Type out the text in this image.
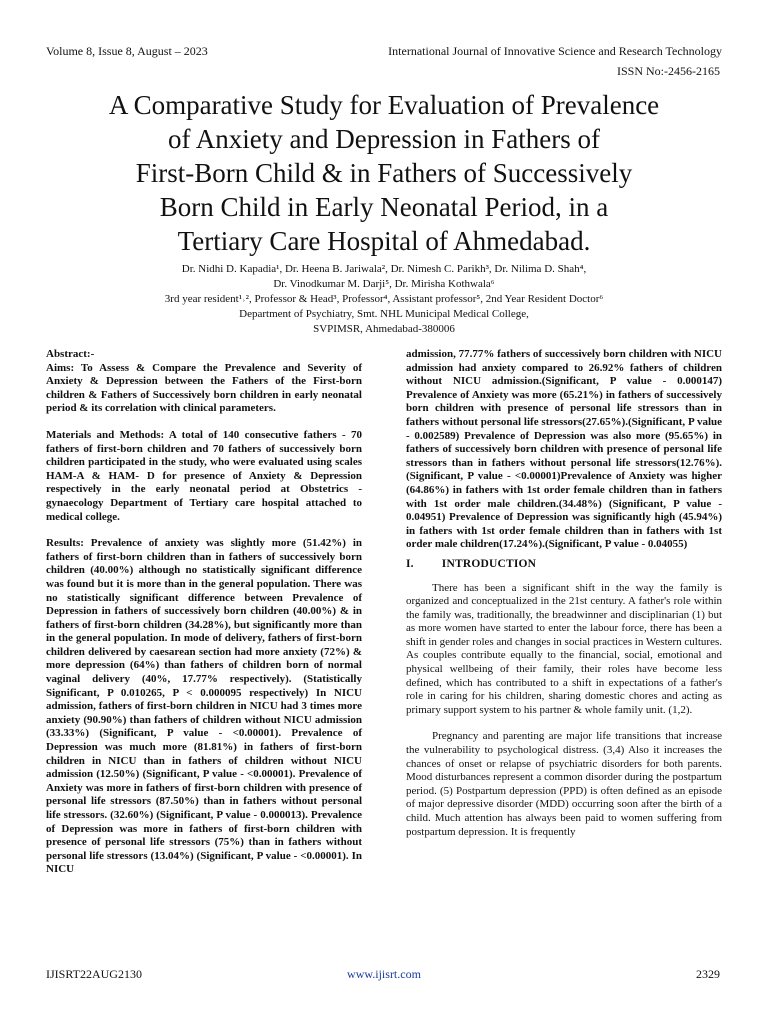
Volume 8, Issue 8, August – 2023	International Journal of Innovative Science and Research Technology
ISSN No:-2456-2165
A Comparative Study for Evaluation of Prevalence
of Anxiety and Depression in Fathers of
First-Born Child & in Fathers of Successively
Born Child in Early Neonatal Period, in a
Tertiary Care Hospital of Ahmedabad.
Dr. Nidhi D. Kapadia¹, Dr. Heena B. Jariwala², Dr. Nimesh C. Parikh³, Dr. Nilima D. Shah⁴,
Dr. Vinodkumar M. Darji⁵, Dr. Mirisha Kothwala⁶
3rd year resident¹˒², Professor & Head³, Professor⁴, Assistant professor⁵, 2nd Year Resident Doctor⁶
Department of Psychiatry, Smt. NHL Municipal Medical College,
SVPIMSR, Ahmedabad-380006

Abstract:-

Aims: To Assess & Compare the Prevalence and Severity of Anxiety & Depression between the Fathers of the First-born children & Fathers of Successively born children in early neonatal period & its correlation with clinical parameters.

Materials and Methods: A total of 140 consecutive fathers - 70 fathers of first-born children and 70 fathers of successively born children participated in the study, who were evaluated using scales HAM-A & HAM- D for presence of Anxiety & Depression respectively in the early neonatal period at Obstetrics - gynaecology Department of Tertiary care hospital attached to medical college.

Results: Prevalence of anxiety was slightly more (51.42%) in fathers of first-born children than in fathers of successively born children (40.00%) although no statistically significant difference was found but it is more than in the general population. There was no statistically significant difference between Prevalence of Depression in fathers of successively born children (40.00%) & in fathers of first-born children (34.28%), but significantly more than in the general population. In mode of delivery, fathers of first-born children delivered by caesarean section had more anxiety (72%) & more depression (64%) than fathers of children born of normal vaginal delivery (40%, 17.77% respectively). (Statistically Significant, P 0.010265, P < 0.000095 respectively) In NICU admission, fathers of first-born children in NICU had 3 times more anxiety (90.90%) than fathers of children without NICU admission (33.33%) (Significant, P value - <0.00001). Prevalence of Depression was much more (81.81%) in fathers of first-born children in NICU than in fathers of children without NICU admission (12.50%) (Significant, P value - <0.00001). Prevalence of Anxiety was more in fathers of first-born children with presence of personal life stressors (87.50%) than in fathers without personal life stressors. (32.60%) (Significant, P value - 0.000013). Prevalence of Depression was more in fathers of first-born children with presence of personal life stressors (75%) than in fathers without personal life stressors (13.04%) (Significant, P value - <0.00001). In NICU

admission, 77.77% fathers of successively born children with NICU admission had anxiety compared to 26.92% fathers of children without NICU admission.(Significant, P value - 0.000147) Prevalence of Anxiety was more (65.21%) in fathers of successively born children with presence of personal life stressors than in fathers without personal life stressors(27.65%).(Significant, P value - 0.002589) Prevalence of Depression was also more (95.65%) in fathers of successively born children with presence of personal life stressors than in fathers without personal life stressors(12.76%).(Significant, P value - <0.00001)Prevalence of Anxiety was higher (64.86%) in fathers with 1st order female children than in fathers with 1st order male children.(34.48%) (Significant, P value - 0.04951) Prevalence of Depression was significantly high (45.94%) in fathers with 1st order female children than in fathers with 1st order male children(17.24%).(Significant, P value - 0.04055)

I. INTRODUCTION

There has been a significant shift in the way the family is organized and conceptualized in the 21st century. A father's role within the family was, traditionally, the breadwinner and disciplinarian (1) but as more women have started to enter the labour force, there has been a shift in gender roles and changes in social practices in Western cultures. As couples contribute equally to the financial, social, emotional and physical wellbeing of their family, their roles have become less defined, which has contributed to a shift in expectations of a father's role in caring for his children, sharing domestic chores and acting as primary support system to his partner & whole family unit. (1,2).

Pregnancy and parenting are major life transitions that increase the vulnerability to psychological distress. (3,4) Also it increases the chances of onset or relapse of psychiatric disorders for both parents. Mood disturbances represent a common disorder during the postpartum period. (5) Postpartum depression (PPD) is often defined as an episode of major depressive disorder (MDD) occurring soon after the birth of a child. Much attention has always been paid to women suffering from postpartum depression. It is frequently

IJISRT22AUG2130	www.ijisrt.com	2329
